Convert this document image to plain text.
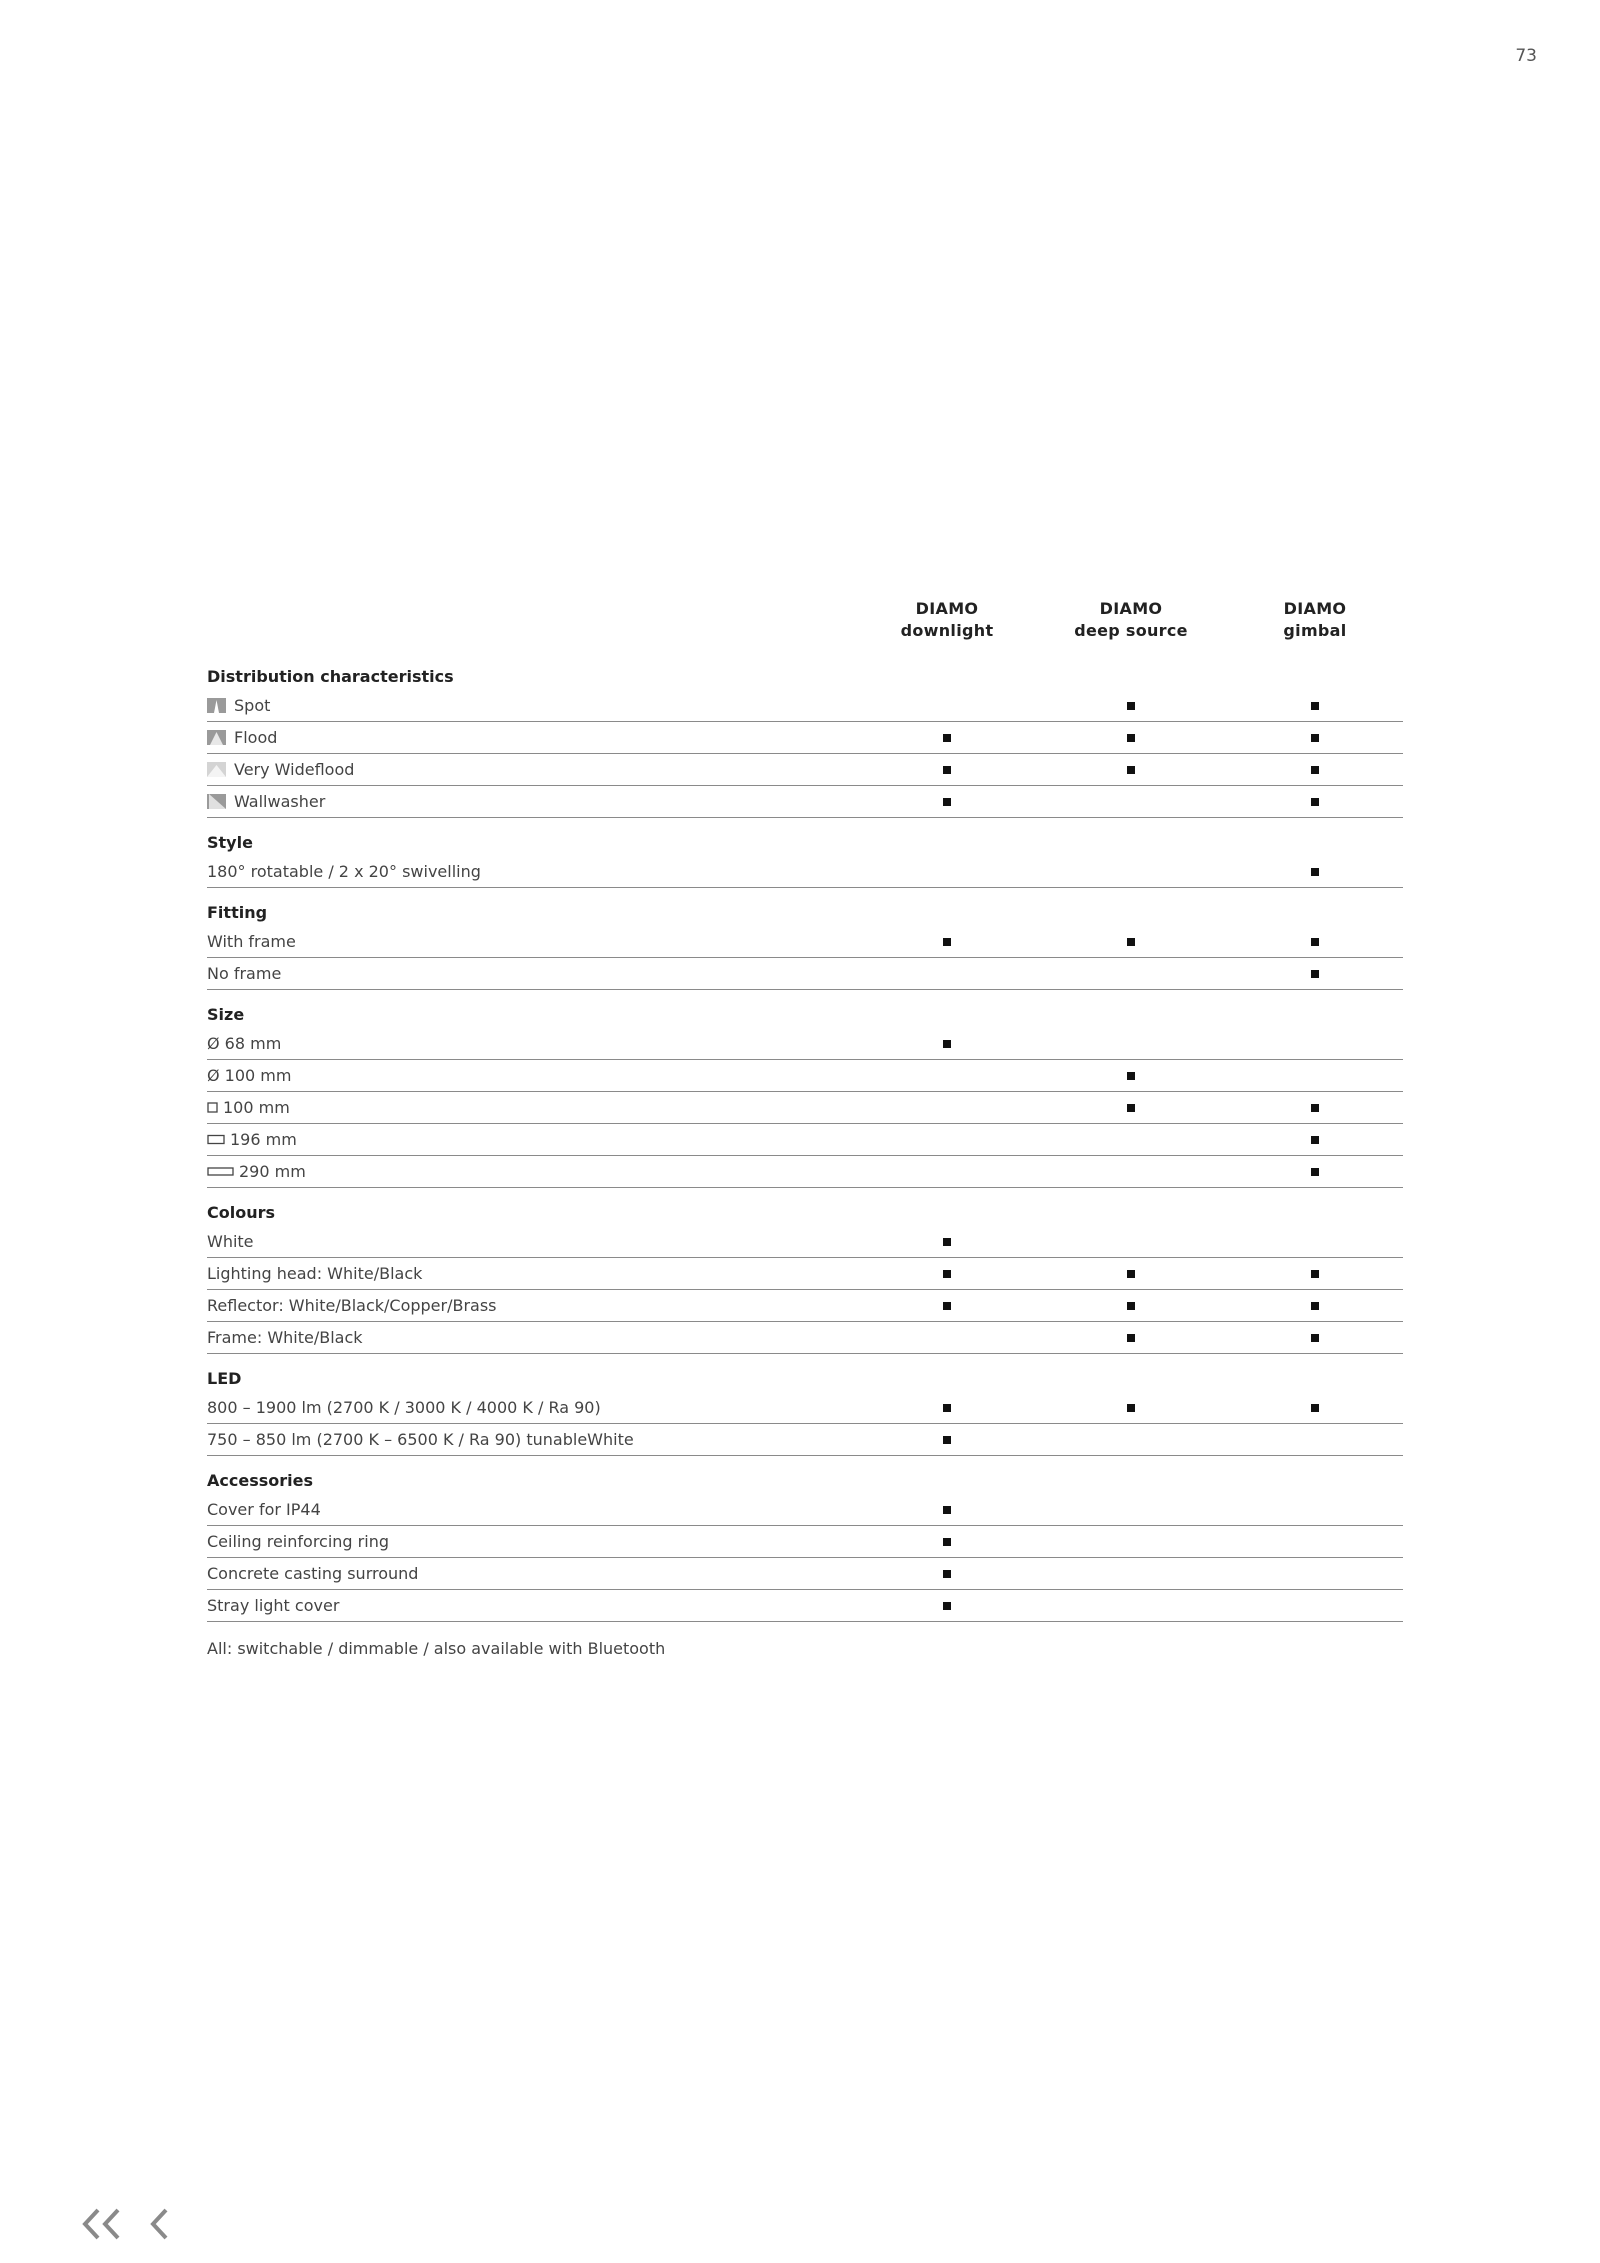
73
DIAMO
downlight
DIAMO
deep source
DIAMO
gimbal
Distribution characteristics
Spot
Flood
Very Wideflood
Wallwasher
Style
180° rotatable / 2 x 20° swivelling
Fitting
With frame
No frame
Size
Ø 68 mm
Ø 100 mm
100 mm
196 mm
290 mm
Colours
White
Lighting head: White/Black
Reflector: White/Black/Copper/Brass
Frame: White/Black
LED
800 – 1900 lm (2700 K / 3000 K / 4000 K / Ra 90)
750 – 850 lm (2700 K – 6500 K / Ra 90) tunableWhite
Accessories
Cover for IP44
Ceiling reinforcing ring
Concrete casting surround
Stray light cover
All: switchable / dimmable / also available with Bluetooth
